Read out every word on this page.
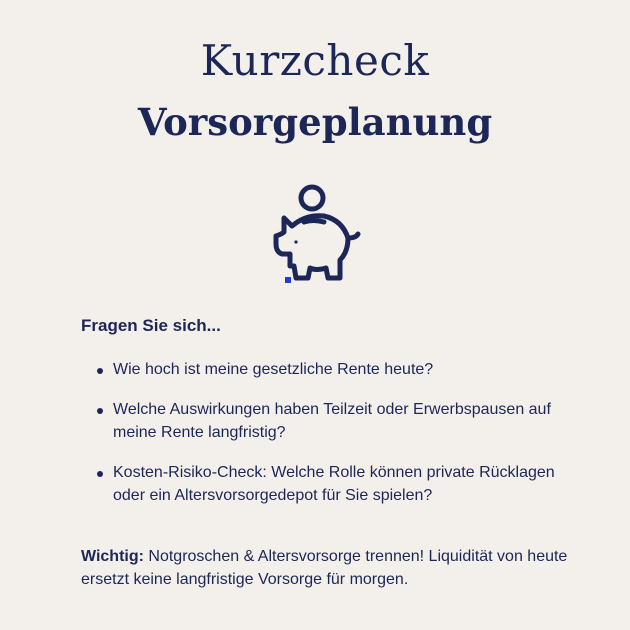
Kurzcheck
Vorsorgeplanung
Fragen Sie sich...
Wie hoch ist meine gesetzliche Rente heute?
Welche Auswirkungen haben Teilzeit oder Erwerbspausen auf meine Rente langfristig?
Kosten-Risiko-Check: Welche Rolle können private Rücklagen oder ein Altersvorsorgedepot für Sie spielen?
Wichtig: Notgroschen & Altersvorsorge trennen! Liquidität von heute ersetzt keine langfristige Vorsorge für morgen.
